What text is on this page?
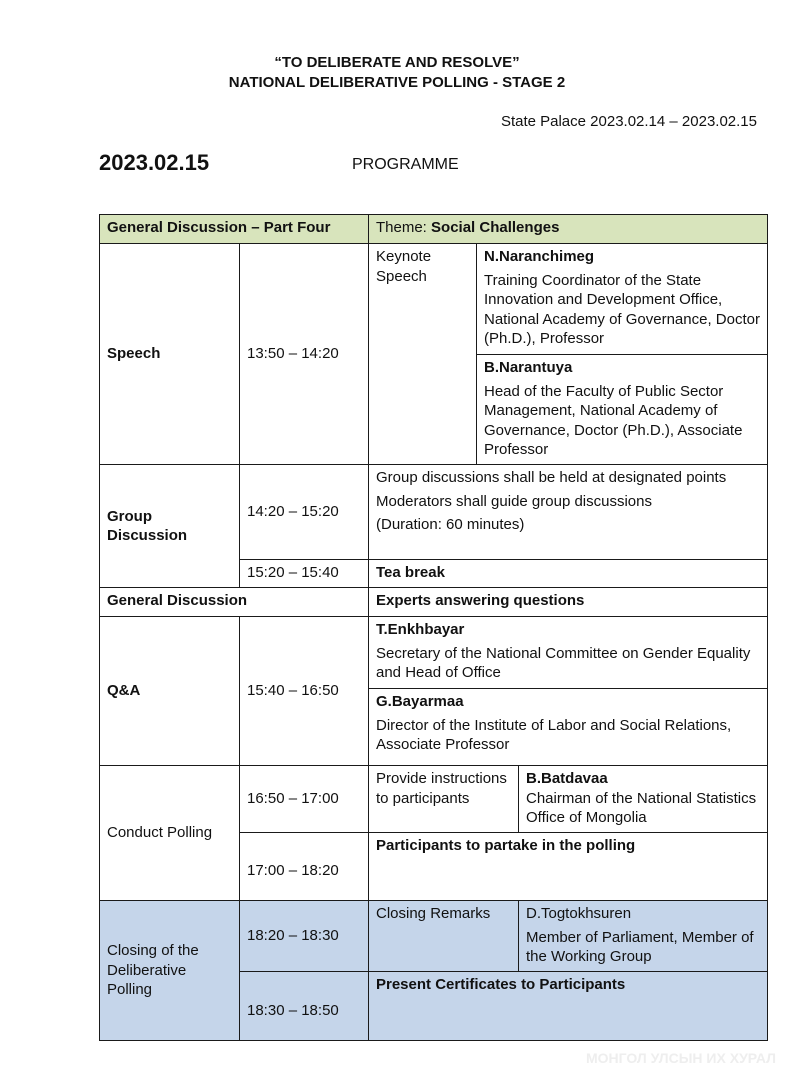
“TO DELIBERATE AND RESOLVE”
NATIONAL DELIBERATIVE POLLING - STAGE 2
State Palace 2023.02.14 – 2023.02.15
2023.02.15	PROGRAMME
General Discussion – Part Four		Theme: Social Challenges		
Speech	13:50 – 14:20	Keynote Speech	N.Naranchimeg
Training Coordinator of the State Innovation and Development Office, National Academy of Governance, Doctor (Ph.D.), Professor	

			B.Narantuya
Head of the Faculty of Public Sector Management, National Academy of Governance, Doctor (Ph.D.), Associate Professor	

Group Discussion	14:20 – 15:20	Group discussions shall be held at designated points
Moderators shall guide group discussions
(Duration: 60 minutes)		

	15:20 – 15:40	Tea break		
General Discussion		Experts answering questions		
Q&A	15:40 – 16:50	T.Enkhbayar
Secretary of the National Committee on Gender Equality and Head of Office		

		G.Bayarmaa
Director of the Institute of Labor and Social Relations, Associate Professor		

Conduct Polling	16:50 – 17:00	Provide instructions to participants		B.Batdavaa
Chairman of the National Statistics Office of Mongolia
	17:00 – 18:20	Participants to partake in the polling		
Closing of the Deliberative Polling	18:20 – 18:30	Closing Remarks		D.Togtokhsuren
Member of Parliament, Member of the Working Group

	18:30 – 18:50	Present Certificates to Participants		
МОНГОЛ УЛСЫН ИХ ХУРАЛ
